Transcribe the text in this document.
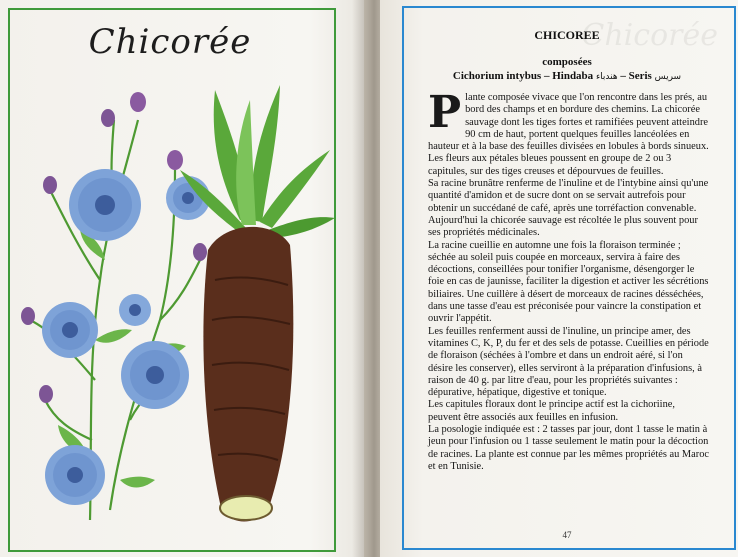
Chicorée	Chicorée
CHICOREE
composées
Cichorium intybus – Hindaba هندباء – Seris سريس
P lante composée vivace que l'on rencontre dans les prés, au bord des champs et en bordure des chemins. La chicorée sauvage dont les tiges fortes et ramifiées peuvent atteindre 90 cm de haut, portent quelques feuilles lancéolées en hauteur et à la base des feuilles divisées en lobules à bords sinueux. Les fleurs aux pétales bleues poussent en groupe de 2 ou 3 capitules, sur des tiges creuses et dépourvues de feuilles.

Sa racine brunâtre renferme de l'inuline et de l'intybine ainsi qu'une quantité d'amidon et de sucre dont on se servait autrefois pour obtenir un succédané de café, après une torréfaction convenable. Aujourd'hui la chicorée sauvage est récoltée le plus souvent pour ses propriétés médicinales.

La racine cueillie en automne une fois la floraison terminée ; séchée au soleil puis coupée en morceaux, servira à faire des décoctions, conseillées pour tonifier l'organisme, désengorger le foie en cas de jaunisse, faciliter la digestion et activer les sécrétions biliaires. Une cuillère à désert de morceaux de racines désséchées, dans une tasse d'eau est préconisée pour vaincre la constipation et ouvrir l'appétit.

Les feuilles renferment aussi de l'inuline, un principe amer, des vitamines C, K, P, du fer et des sels de potasse. Cueillies en période de floraison (séchées à l'ombre et dans un endroit aéré, si l'on désire les conserver), elles serviront à la préparation d'infusions, à raison de 40 g. par litre d'eau, pour les propriétés suivantes : dépurative, hépatique, digestive et tonique.

Les capitules floraux dont le principe actif est la cichoriine, peuvent être associés aux feuilles en infusion.

La posologie indiquée est : 2 tasses par jour, dont 1 tasse le matin à jeun pour l'infusion ou 1 tasse seulement le matin pour la décoction de racines. La plante est connue par les mêmes propriétés au Maroc et en Tunisie.

47
